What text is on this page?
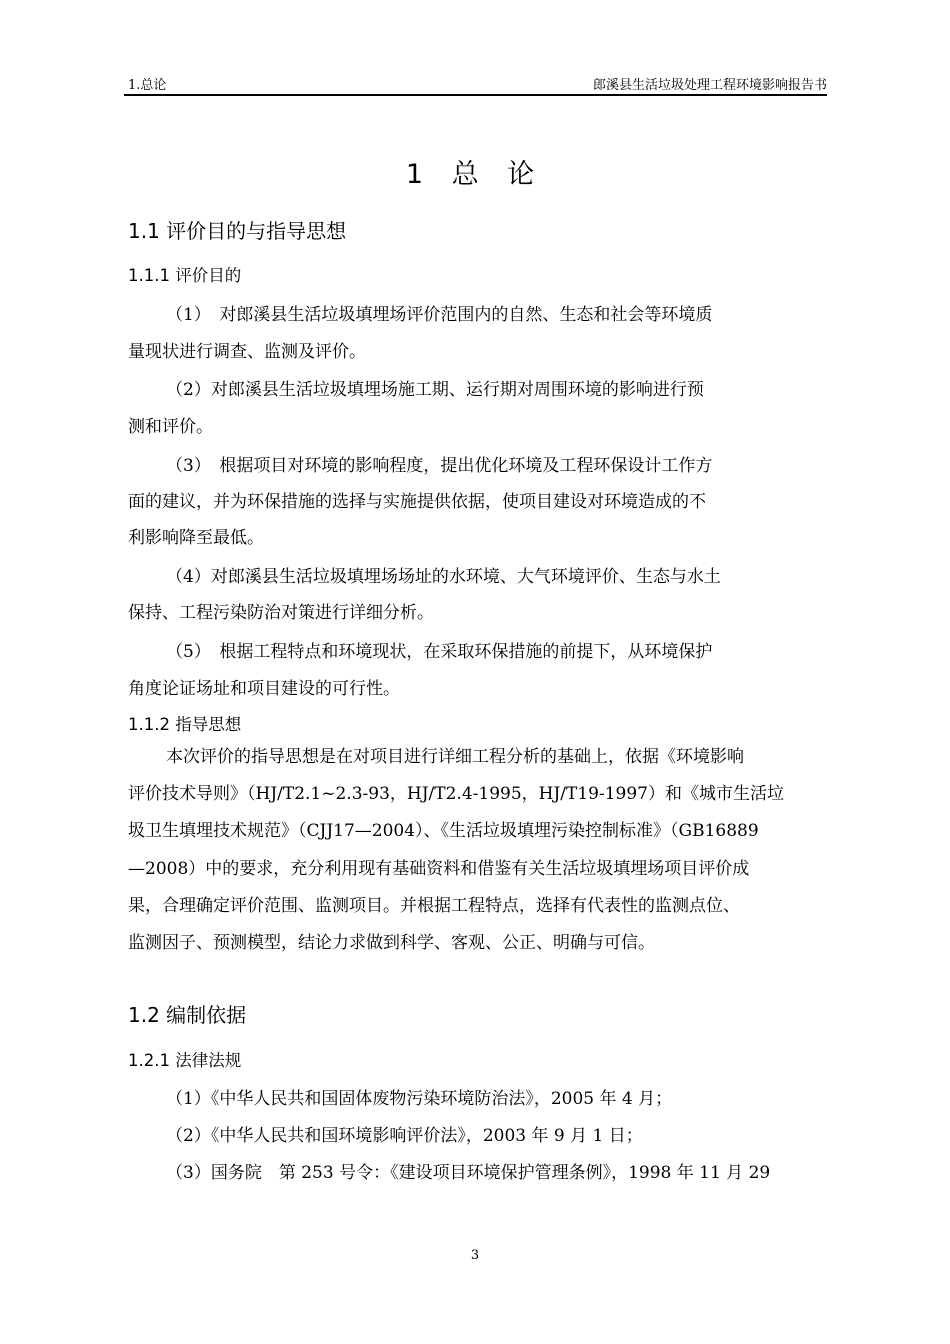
1.总论	郎溪县生活垃圾处理工程环境影响报告书
1 总 论
1.1 评价目的与指导思想
1.1.1 评价目的
（1）　对郎溪县生活垃圾填埋场评价范围内的自然、生态和社会等环境质
量现状进行调查、监测及评价。
（2）对郎溪县生活垃圾填埋场施工期、运行期对周围环境的影响进行预
测和评价。
（3）　根据项目对环境的影响程度，提出优化环境及工程环保设计工作方
面的建议，并为环保措施的选择与实施提供依据，使项目建设对环境造成的不
利影响降至最低。
（4）对郎溪县生活垃圾填埋场场址的水环境、大气环境评价、生态与水土
保持、工程污染防治对策进行详细分析。
（5）　根据工程特点和环境现状，在采取环保措施的前提下，从环境保护
角度论证场址和项目建设的可行性。
1.1.2 指导思想
本次评价的指导思想是在对项目进行详细工程分析的基础上，依据《环境影响
评价技术导则》（HJ/T2.1~2.3-93，HJ/T2.4-1995，HJ/T19-1997）和《城市生活垃
圾卫生填埋技术规范》（CJJ17—2004）、《生活垃圾填埋污染控制标准》（GB16889
—2008）中的要求，充分利用现有基础资料和借鉴有关生活垃圾填埋场项目评价成
果，合理确定评价范围、监测项目。并根据工程特点，选择有代表性的监测点位、
监测因子、预测模型，结论力求做到科学、客观、公正、明确与可信。
1.2 编制依据
1.2.1 法律法规
（1）《中华人民共和国固体废物污染环境防治法》，2005 年 4 月；
（2）《中华人民共和国环境影响评价法》，2003 年 9 月 1 日；
（3）国务院　第 253 号令：《建设项目环境保护管理条例》，1998 年 11 月 29
3
